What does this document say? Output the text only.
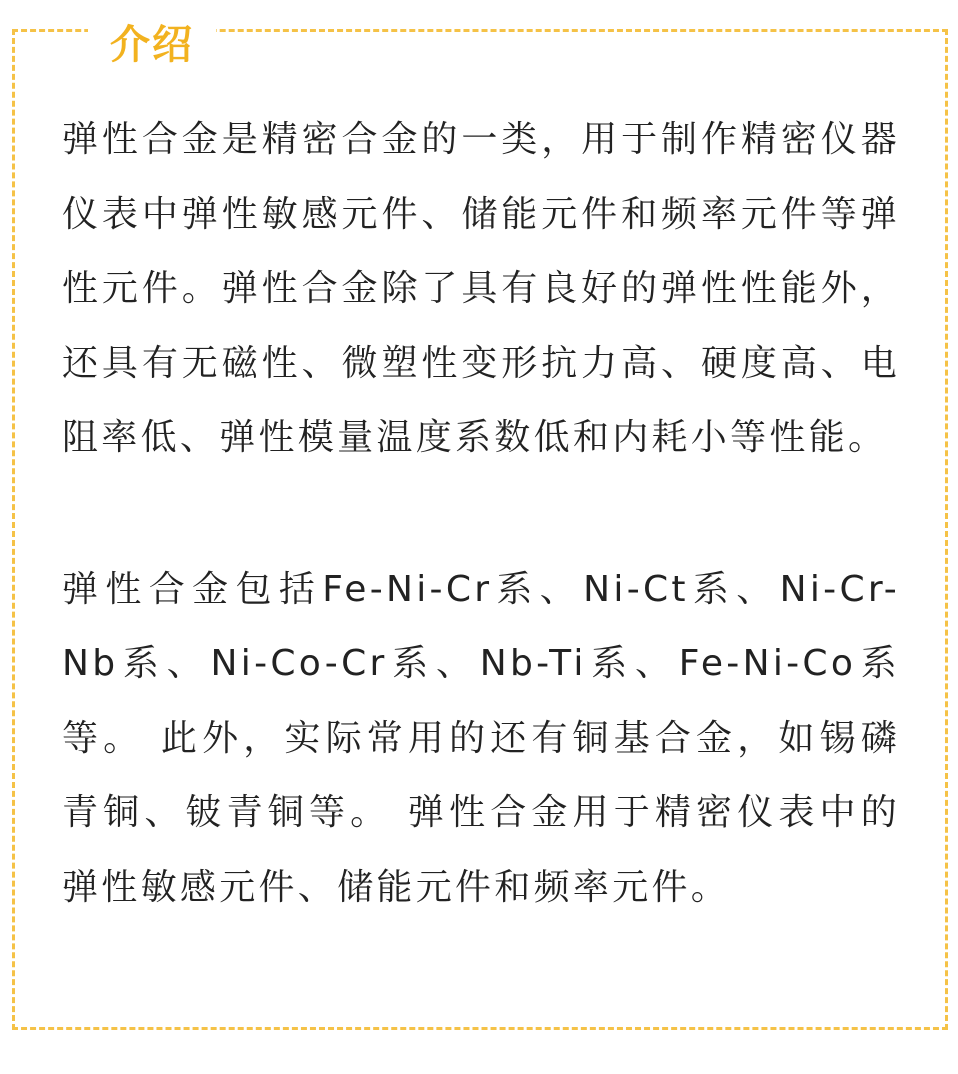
介绍

弹性合金是精密合金的一类，用于制作精密仪器仪表中弹性敏感元件、储能元件和频率元件等弹性元件。弹性合金除了具有良好的弹性性能外，还具有无磁性、微塑性变形抗力高、硬度高、电阻率低、弹性模量温度系数低和内耗小等性能。

弹性合金包括Fe-Ni-Cr系、Ni-Ct系、Ni-Cr-Nb系、Ni-Co-Cr系、Nb-Ti系、Fe-Ni-Co系等。 此外，实际常用的还有铜基合金，如锡磷青铜、铍青铜等。 弹性合金用于精密仪表中的弹性敏感元件、储能元件和频率元件。
